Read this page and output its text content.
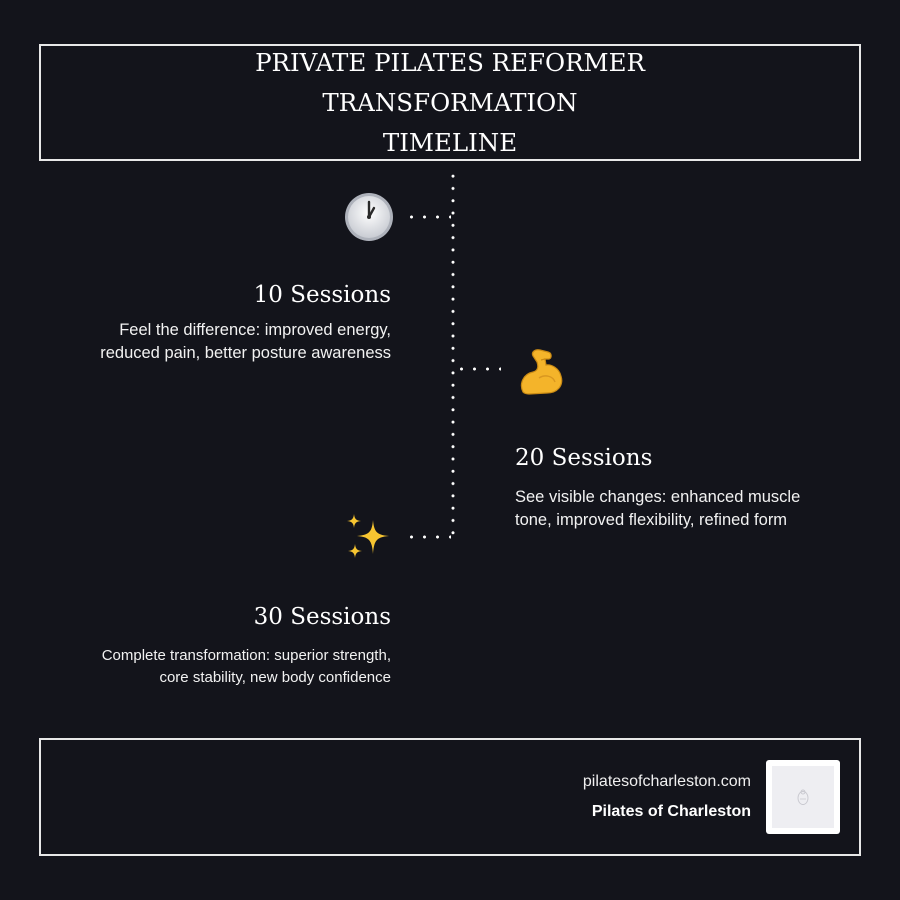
PRIVATE PILATES REFORMER TRANSFORMATION
TIMELINE
10 Sessions
Feel the difference: improved energy,
reduced pain, better posture awareness
20 Sessions
See visible changes: enhanced muscle
tone, improved flexibility, refined form
30 Sessions
Complete transformation: superior strength,
core stability, new body confidence
pilatesofcharleston.com
Pilates of Charleston
